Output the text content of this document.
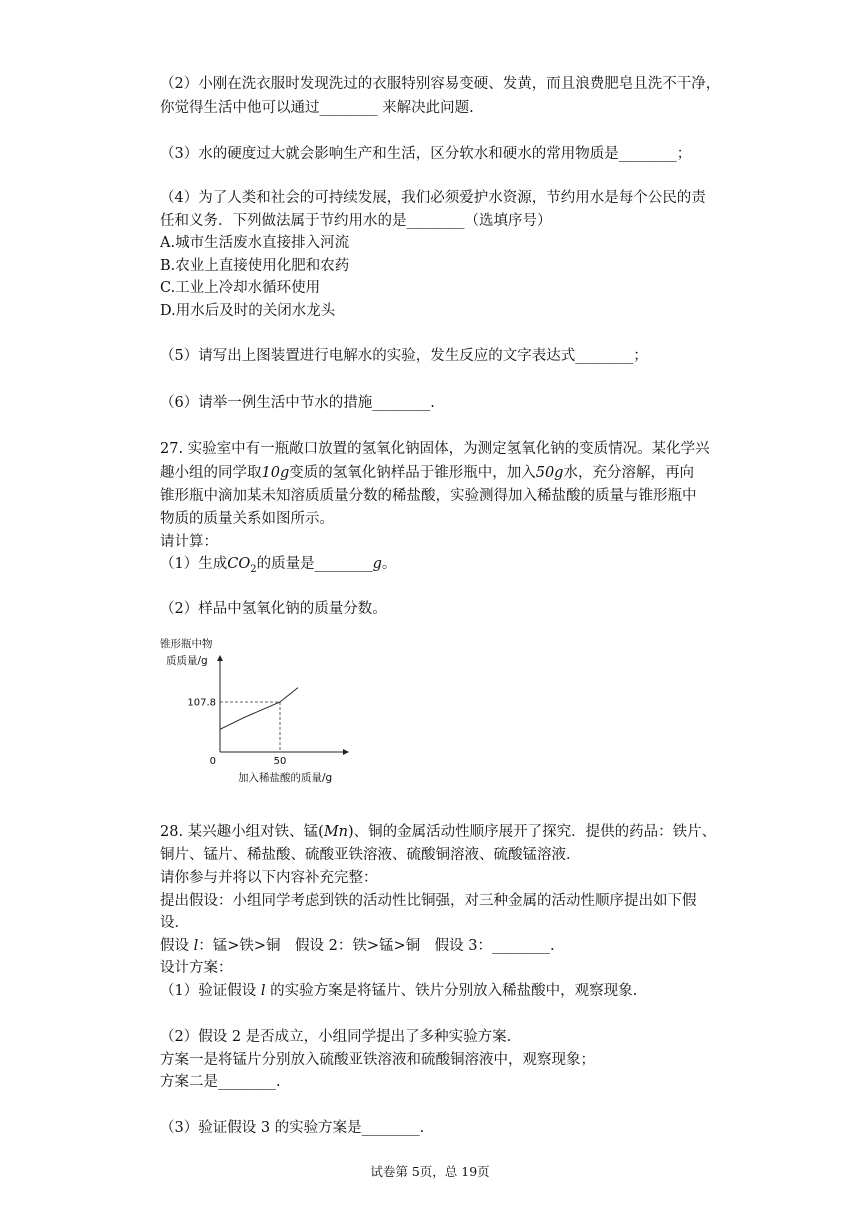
（2）小刚在洗衣服时发现洗过的衣服特别容易变硬、发黄，而且浪费肥皂且洗不干净，
你觉得生活中他可以通过________ 来解决此问题.
（3）水的硬度过大就会影响生产和生活，区分软水和硬水的常用物质是________；
（4）为了人类和社会的可持续发展，我们必须爱护水资源，节约用水是每个公民的责
任和义务．下列做法属于节约用水的是________（选填序号）
A.城市生活废水直接排入河流
B.农业上直接使用化肥和农药
C.工业上冷却水循环使用
D.用水后及时的关闭水龙头
（5）请写出上图装置进行电解水的实验，发生反应的文字表达式________；
（6）请举一例生活中节水的措施________.
27. 实验室中有一瓶敞口放置的氢氧化钠固体，为测定氢氧化钠的变质情况。某化学兴
趣小组的同学取10g变质的氢氧化钠样品于锥形瓶中，加入50g水，充分溶解，再向
锥形瓶中滴加某未知溶质质量分数的稀盐酸，实验测得加入稀盐酸的质量与锥形瓶中
物质的质量关系如图所示。
请计算：
（1）生成$CO_2$的质量是________g。
（2）样品中氢氧化钠的质量分数。
锥形瓶中物
质质量/g
107.8
50
0
加入稀盐酸的质量/g
28. 某兴趣小组对铁、锰(Mn)、铜的金属活动性顺序展开了探究．提供的药品：铁片、
铜片、锰片、稀盐酸、硫酸亚铁溶液、硫酸铜溶液、硫酸锰溶液．
请你参与并将以下内容补充完整：
提出假设：小组同学考虑到铁的活动性比铜强，对三种金属的活动性顺序提出如下假
设．
假设 l：锰>铁>铜　假设 2：铁>锰>铜　假设 3：________.
设计方案：
（1）验证假设 l 的实验方案是将锰片、铁片分别放入稀盐酸中，观察现象.
（2）假设 2 是否成立，小组同学提出了多种实验方案.
方案一是将锰片分别放入硫酸亚铁溶液和硫酸铜溶液中，观察现象；
方案二是________.
（3）验证假设 3 的实验方案是________.
试卷第 5页，总 19页
